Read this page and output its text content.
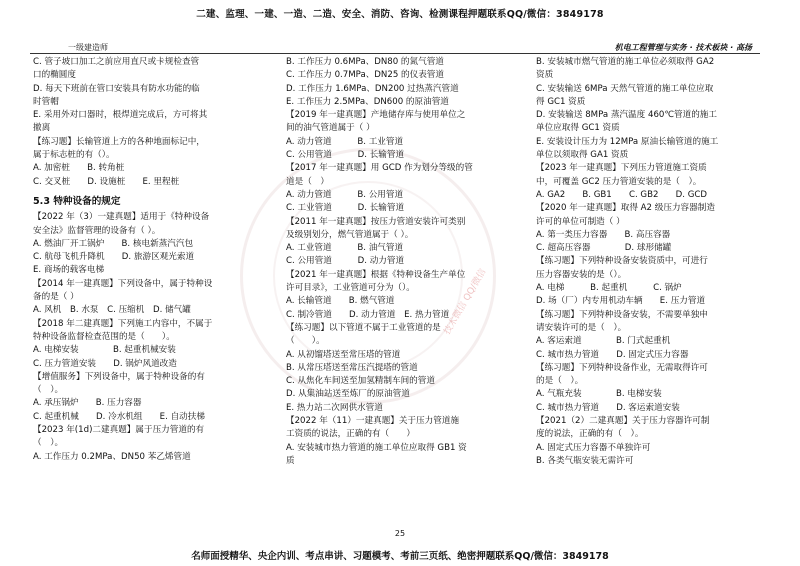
二建、监理、一建、一造、二造、安全、消防、咨询、检测课程押题联系QQ/微信：3849178
一级建造师	机电工程管理与实务 · 技术板块 · 高扬
技术微信 QQ/微信

C. 管子坡口加工之前应用直尺或卡规检查管

口的椭圆度

D. 每天下班前在管口安装具有防水功能的临

时管帽

E. 采用外对口器时，根焊道完成后，方可将其

撤离

【练习题】长输管道上方的各种地面标记中，

属于标志桩的有（）。

A. 加密桩　　B. 转角桩

C. 交叉桩　　D. 设施桩　　E. 里程桩

5.3 特种设备的规定

【2022 年（3）一建真题】适用于《特种设备

安全法》监督管理的设备有（ ）。

A. 燃油厂开工锅炉　　B. 核电新蒸汽汽包

C. 航母飞机升降机　　D. 旅游区观光索道

E. 商场的载客电梯

【2014 年一建真题】下列设备中，属于特种设

备的是（ ）

A. 风机　B. 水泵　C. 压缩机　D. 储气罐

【2018 年二建真题】下列施工内容中，不属于

特种设备监督检查范围的是（　　）。

A. 电梯安装　　　　B. 起重机械安装

C. 压力管道安装　　D. 锅炉风道改造

【增值服务】下列设备中，属于特种设备的有

（　）。

A. 承压锅炉　　B. 压力容器

C. 起重机械　　D. 冷水机组　　E. 自动扶梯

【2023 年(1d)二建真题】属于压力管道的有

（　）。

A. 工作压力 0.2MPa、DN50 苯乙烯管道

B. 工作压力 0.6MPa、DN80 的氮气管道

C. 工作压力 0.7MPa、DN25 的仪表管道

D. 工作压力 1.6MPa、DN200 过热蒸汽管道

E. 工作压力 2.5MPa、DN600 的原油管道

【2019 年一建真题】产地储存库与使用单位之

间的油气管道属于（ ）

A. 动力管道　　　B. 工业管道

C. 公用管道　　　D. 长输管道

【2017 年一建真题】用 GCD 作为划分等级的管

道是（　）

A. 动力管道　　　B. 公用管道

C. 工业管道　　　D. 长输管道

【2011 年一建真题】按压力管道安装许可类别

及级别划分，燃气管道属于（ ）。

A. 工业管道　　　B. 油气管道

C. 公用管道　　　D. 动力管道

【2021 年一建真题】根据《特种设备生产单位

许可目录》，工业管道可分为（）。

A. 长输管道　　B. 燃气管道

C. 制冷管道　　D. 动力管道　E. 热力管道

【练习题】以下管道不属于工业管道的是

（　　）。

A. 从初馏塔送至常压塔的管道

B. 从常压塔送至常压汽提塔的管道

C. 从焦化车间送至加氢精制车间的管道

D. 从集油站送至炼厂的原油管道

E. 热力站二次网供水管道

【2022 年（11）一建真题】关于压力管道施

工资质的说法，正确的有（　　）

A. 安装城市热力管道的施工单位应取得 GB1 资

质

B. 安装城市燃气管道的施工单位必须取得 GA2

资质

C. 安装输送 6MPa 天然气管道的施工单位应取

得 GC1 资质

D. 安装输送 8MPa 蒸汽温度 460℃管道的施工

单位应取得 GC1 资质

E. 安装设计压力为 12MPa 原油长输管道的施工

单位以须取得 GA1 资质

【2023 年一建真题】下列压力管道施工资质

中，可覆盖 GC2 压力管道安装的是（　）。

A. GA2　　B. GB1　　C. GB2　　D. GCD

【2020 年一建真题】取得 A2 级压力容器制造

许可的单位可制造（ ）

A. 第一类压力容器　　B. 高压容器

C. 超高压容器　　　　D. 球形储罐

【练习题】下列特种设备安装资质中，可进行

压力容器安装的是（）。

A. 电梯　　　B. 起重机　　　C. 锅炉

D. 场（厂）内专用机动车辆　　E. 压力管道

【练习题】下列特种设备安装，不需要单独申

请安装许可的是（　）。

A. 客运索道　　　　B. 门式起重机

C. 城市热力管道　　D. 固定式压力容器

【练习题】下列特种设备作业，无需取得许可

的是（　）。

A. 气瓶充装　　　　B. 电梯安装

C. 城市热力管道　　D. 客运索道安装

【2021（2）二建真题】关于压力容器许可制

度的说法，正确的有（　）。

A. 固定式压力容器不单独许可

B. 各类气瓶安装无需许可

25
名师面授精华、央企内训、考点串讲、习题模考、考前三页纸、绝密押题联系QQ/微信：3849178
